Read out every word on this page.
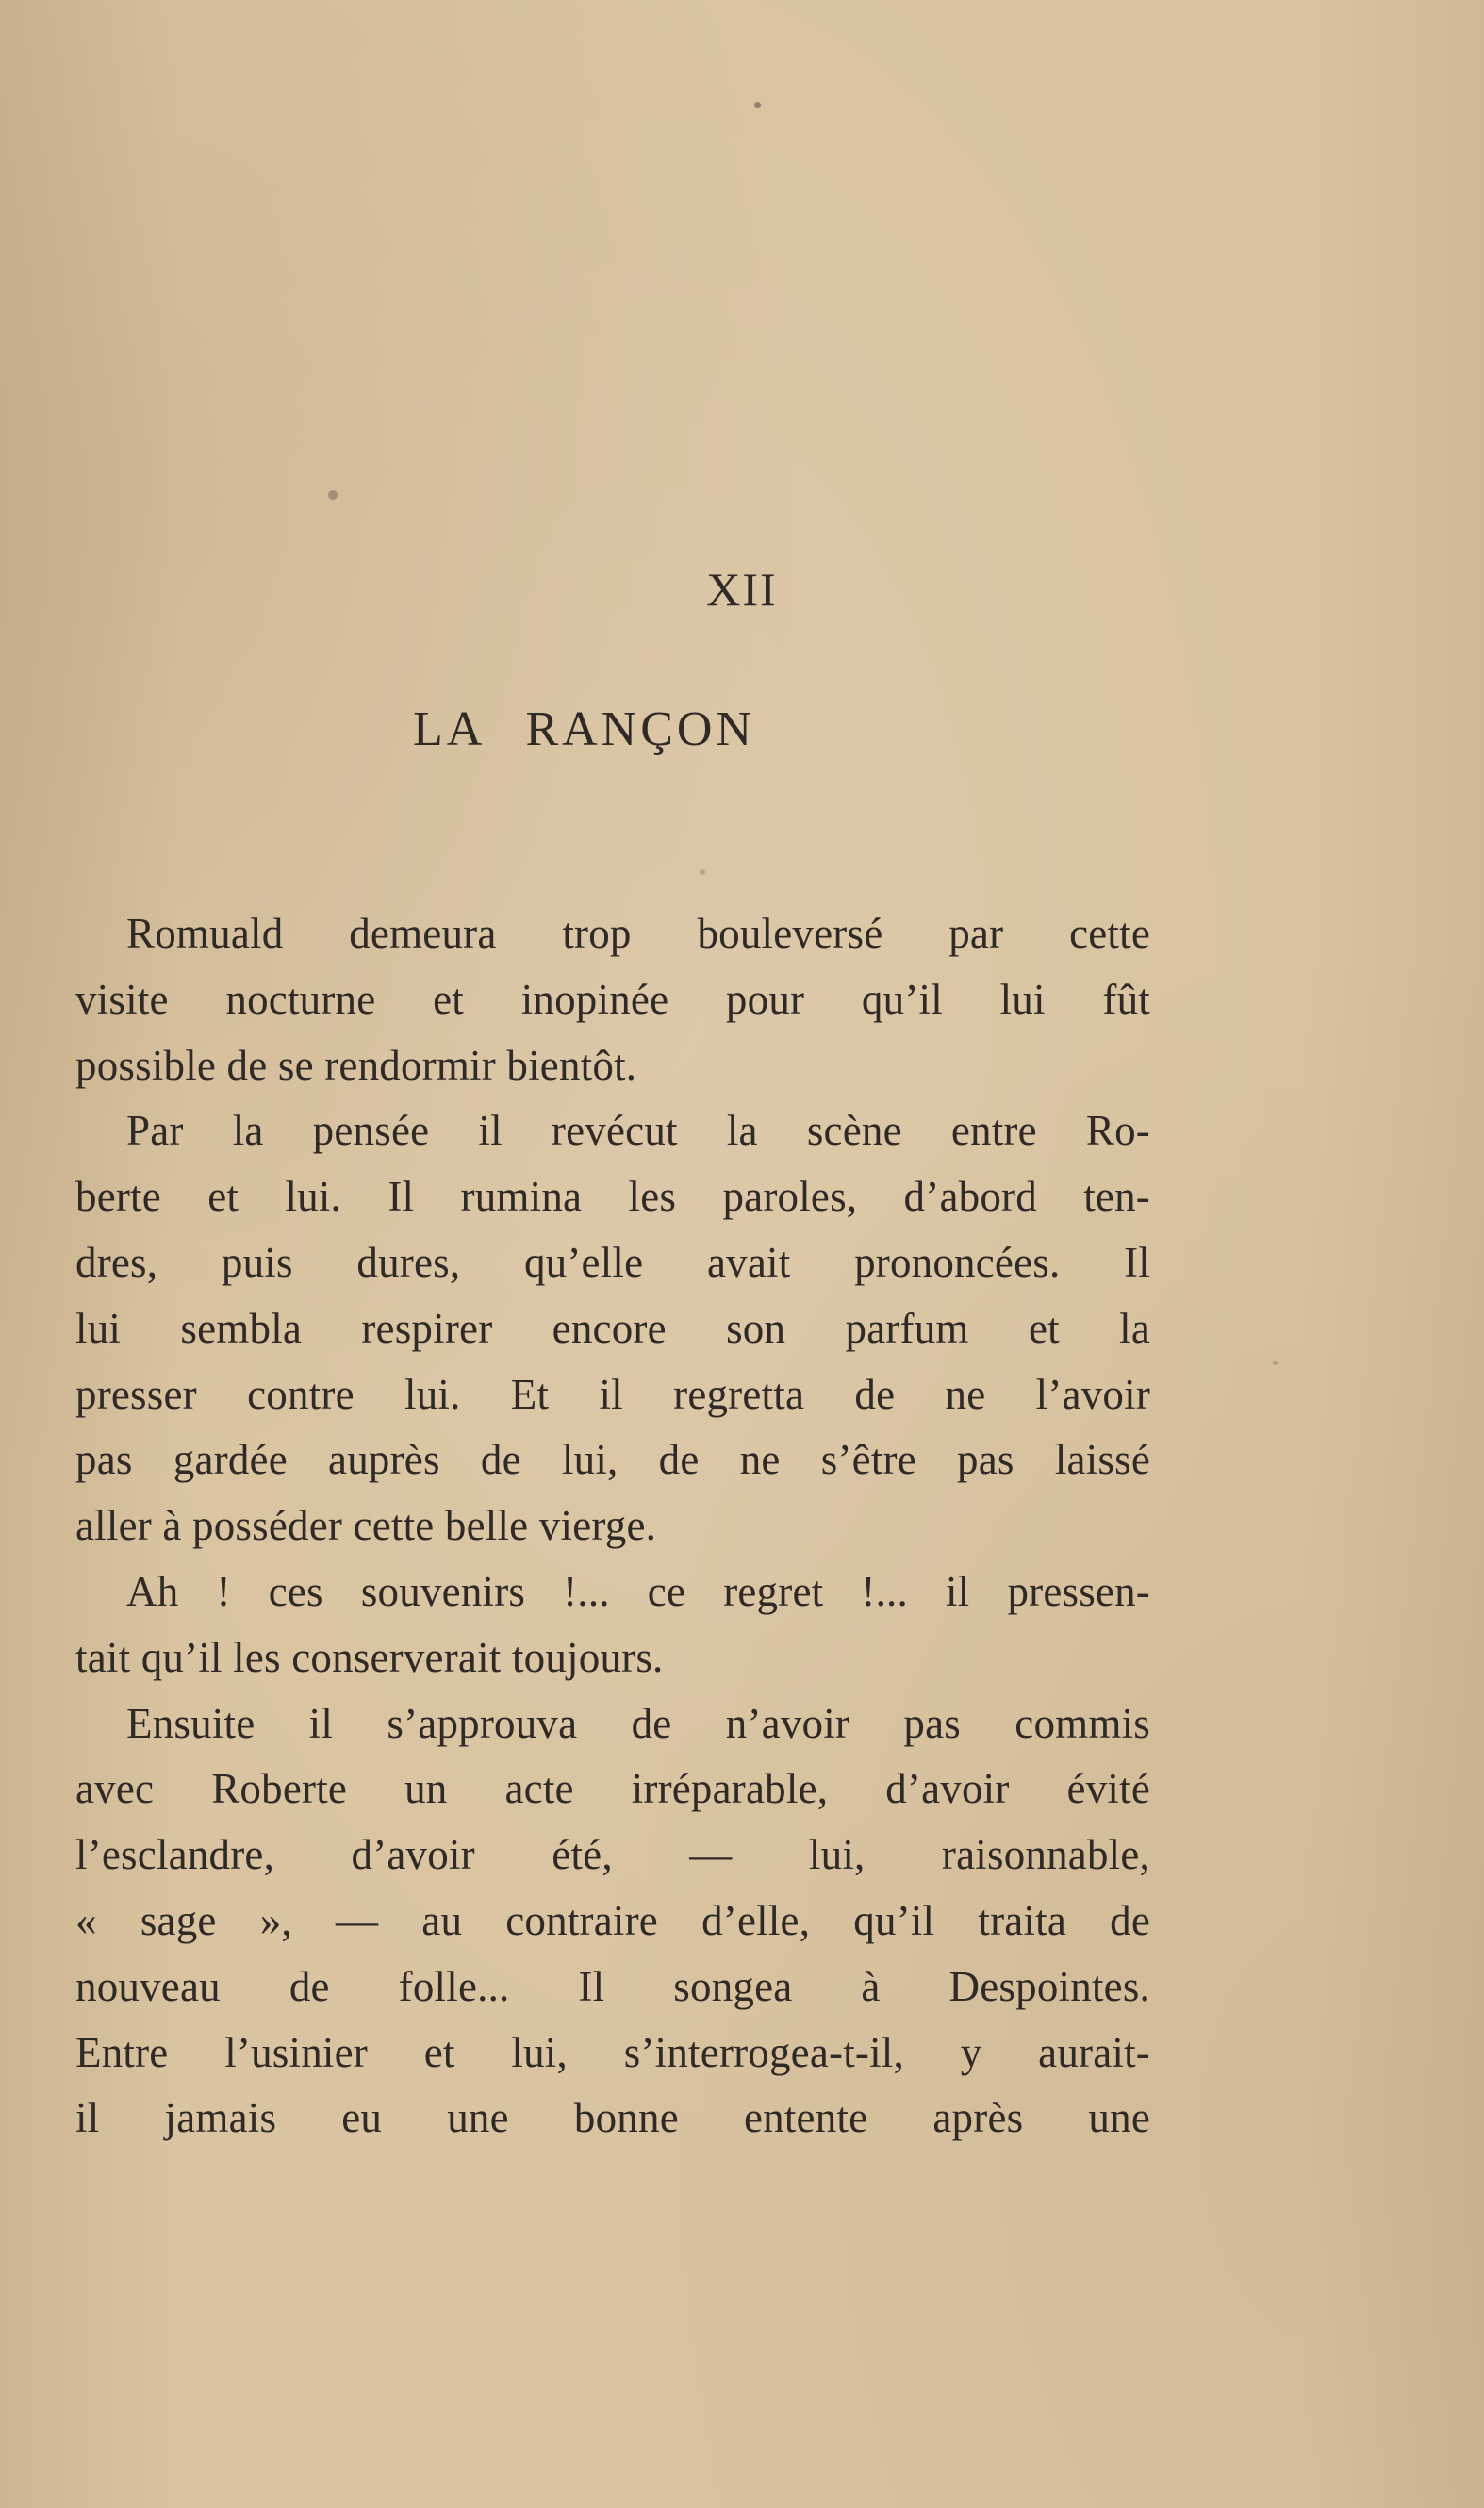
XII
LA RANÇON
Romuald demeura trop bouleversé par cette
visite nocturne et inopinée pour qu’il lui fût
possible de se rendormir bientôt.
Par la pensée il revécut la scène entre Ro-
berte et lui. Il rumina les paroles, d’abord ten-
dres, puis dures, qu’elle avait prononcées. Il
lui sembla respirer encore son parfum et la
presser contre lui. Et il regretta de ne l’avoir
pas gardée auprès de lui, de ne s’être pas laissé
aller à posséder cette belle vierge.
Ah ! ces souvenirs !... ce regret !... il pressen-
tait qu’il les conserverait toujours.
Ensuite il s’approuva de n’avoir pas commis
avec Roberte un acte irréparable, d’avoir évité
l’esclandre, d’avoir été, — lui, raisonnable,
« sage », — au contraire d’elle, qu’il traita de
nouveau de folle... Il songea à Despointes.
Entre l’usinier et lui, s’interrogea-t-il, y aurait-
il jamais eu une bonne entente après une
